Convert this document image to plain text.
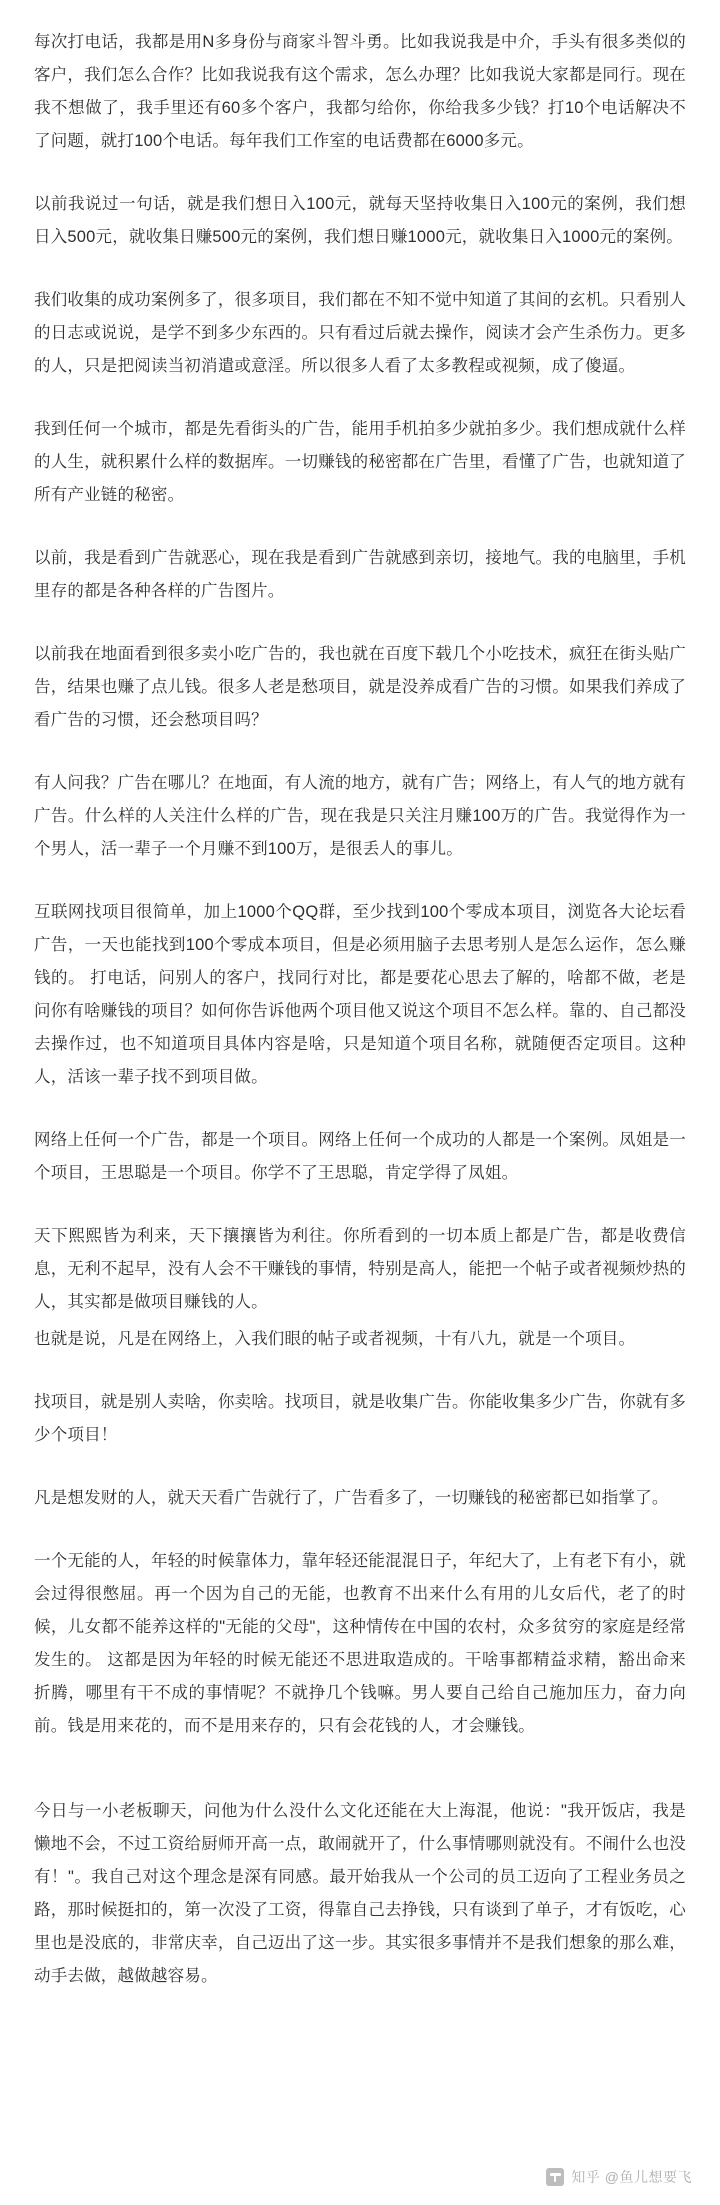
每次打电话，我都是用N多身份与商家斗智斗勇。比如我说我是中介，手头有很多类似的客户，我们怎么合作？比如我说我有这个需求，怎么办理？比如我说大家都是同行。现在我不想做了，我手里还有60多个客户，我都匀给你，你给我多少钱？打10个电话解决不了问题，就打100个电话。每年我们工作室的电话费都在6000多元。

以前我说过一句话，就是我们想日入100元，就每天坚持收集日入100元的案例，我们想日入500元，就收集日赚500元的案例，我们想日赚1000元，就收集日入1000元的案例。

我们收集的成功案例多了，很多项目，我们都在不知不觉中知道了其间的玄机。只看别人的日志或说说，是学不到多少东西的。只有看过后就去操作，阅读才会产生杀伤力。更多的人，只是把阅读当初消遣或意淫。所以很多人看了太多教程或视频，成了傻逼。

我到任何一个城市，都是先看街头的广告，能用手机拍多少就拍多少。我们想成就什么样的人生，就积累什么样的数据库。一切赚钱的秘密都在广告里，看懂了广告，也就知道了所有产业链的秘密。

以前，我是看到广告就恶心，现在我是看到广告就感到亲切，接地气。我的电脑里，手机里存的都是各种各样的广告图片。

以前我在地面看到很多卖小吃广告的，我也就在百度下载几个小吃技术，疯狂在街头贴广告，结果也赚了点儿钱。很多人老是愁项目，就是没养成看广告的习惯。如果我们养成了看广告的习惯，还会愁项目吗？

有人问我？广告在哪儿？在地面，有人流的地方，就有广告；网络上，有人气的地方就有广告。什么样的人关注什么样的广告，现在我是只关注月赚100万的广告。我觉得作为一个男人，活一辈子一个月赚不到100万，是很丢人的事儿。

互联网找项目很简单，加上1000个QQ群，至少找到100个零成本项目，浏览各大论坛看广告，一天也能找到100个零成本项目，但是必须用脑子去思考别人是怎么运作，怎么赚钱的。 打电话，问别人的客户，找同行对比，都是要花心思去了解的，啥都不做，老是问你有啥赚钱的项目？如何你告诉他两个项目他又说这个项目不怎么样。靠的、自己都没去操作过，也不知道项目具体内容是啥，只是知道个项目名称，就随便否定项目。这种人，活该一辈子找不到项目做。

网络上任何一个广告，都是一个项目。网络上任何一个成功的人都是一个案例。凤姐是一个项目，王思聪是一个项目。你学不了王思聪，肯定学得了凤姐。

天下熙熙皆为利来，天下攘攘皆为利往。你所看到的一切本质上都是广告，都是收费信息，无利不起早，没有人会不干赚钱的事情，特别是高人，能把一个帖子或者视频炒热的人，其实都是做项目赚钱的人。

也就是说，凡是在网络上，入我们眼的帖子或者视频，十有八九，就是一个项目。

找项目，就是别人卖啥，你卖啥。找项目，就是收集广告。你能收集多少广告，你就有多少个项目！

凡是想发财的人，就天天看广告就行了，广告看多了，一切赚钱的秘密都已如指掌了。

一个无能的人，年轻的时候靠体力，靠年轻还能混混日子，年纪大了，上有老下有小，就会过得很憋屈。再一个因为自己的无能，也教育不出来什么有用的儿女后代，老了的时候，儿女都不能养这样的"无能的父母"，这种情传在中国的农村，众多贫穷的家庭是经常发生的。 这都是因为年轻的时候无能还不思进取造成的。干啥事都精益求精，豁出命来折腾，哪里有干不成的事情呢？不就挣几个钱嘛。男人要自己给自己施加压力，奋力向前。钱是用来花的，而不是用来存的，只有会花钱的人，才会赚钱。

今日与一小老板聊天，问他为什么没什么文化还能在大上海混，他说："我开饭店，我是懒地不会，不过工资给厨师开高一点，敢闹就开了，什么事情哪则就没有。不闹什么也没有！"。我自己对这个理念是深有同感。最开始我从一个公司的员工迈向了工程业务员之路，那时候挺扣的，第一次没了工资，得靠自己去挣钱，只有谈到了单子，才有饭吃，心里也是没底的，非常庆幸，自己迈出了这一步。其实很多事情并不是我们想象的那么难，动手去做，越做越容易。

知乎 @鱼儿想要飞
